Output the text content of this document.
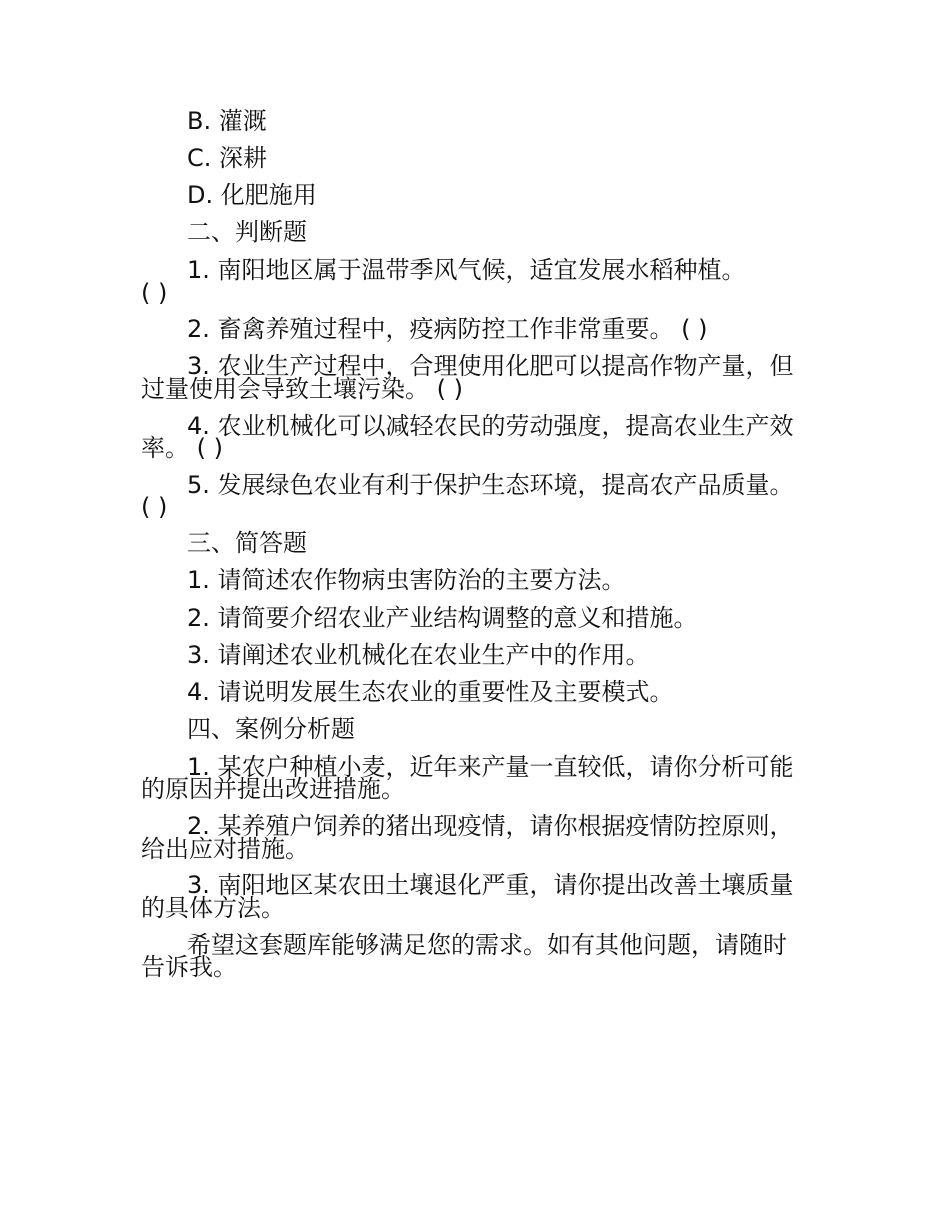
B. 灌溉

C. 深耕

D. 化肥施用

二、判断题

1. 南阳地区属于温带季风气候，适宜发展水稻种植。

( )

2. 畜禽养殖过程中，疫病防控工作非常重要。 ( )

3. 农业生产过程中，合理使用化肥可以提高作物产量，但

过量使用会导致土壤污染。 ( )

4. 农业机械化可以减轻农民的劳动强度，提高农业生产效

率。 ( )

5. 发展绿色农业有利于保护生态环境，提高农产品质量。

( )

三、简答题

1. 请简述农作物病虫害防治的主要方法。

2. 请简要介绍农业产业结构调整的意义和措施。

3. 请阐述农业机械化在农业生产中的作用。

4. 请说明发展生态农业的重要性及主要模式。

四、案例分析题

1. 某农户种植小麦，近年来产量一直较低，请你分析可能

的原因并提出改进措施。

2. 某养殖户饲养的猪出现疫情，请你根据疫情防控原则，

给出应对措施。

3. 南阳地区某农田土壤退化严重，请你提出改善土壤质量

的具体方法。

希望这套题库能够满足您的需求。如有其他问题，请随时

告诉我。
